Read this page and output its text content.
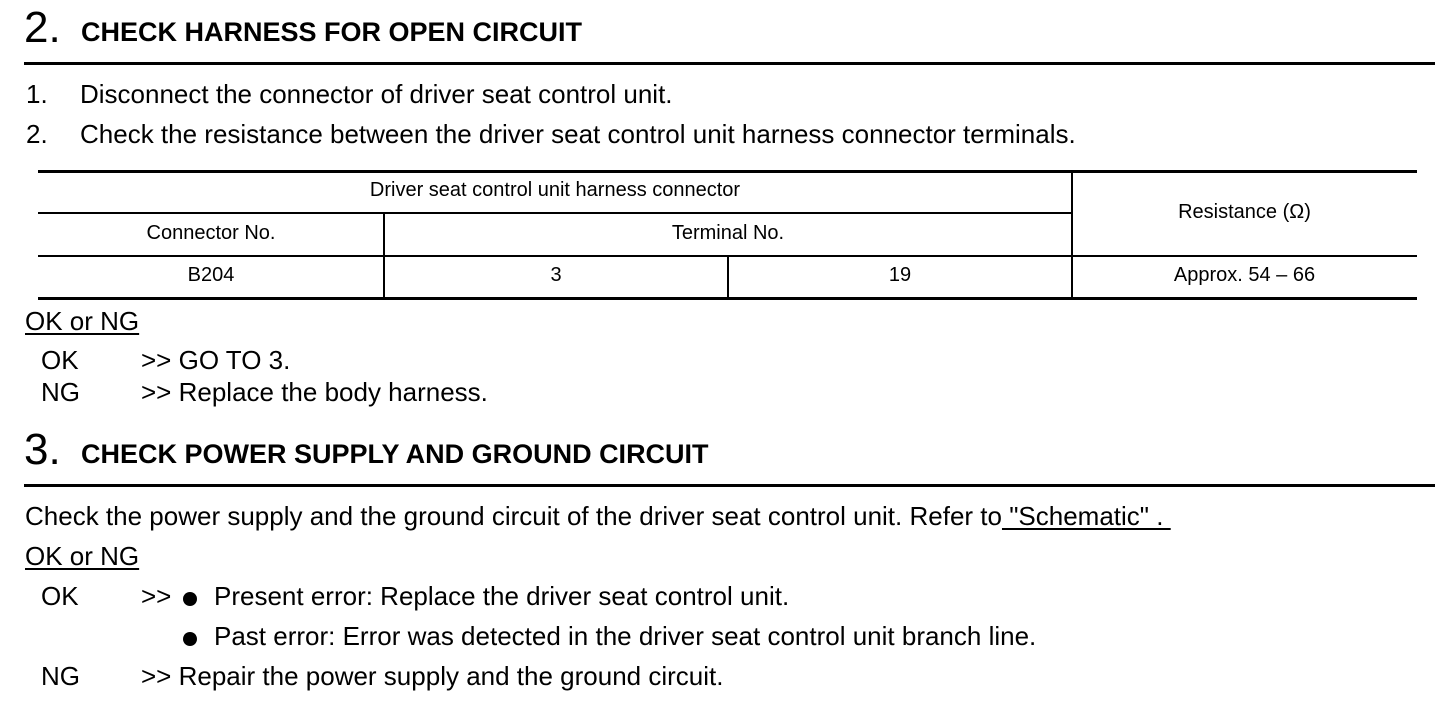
2. CHECK HARNESS FOR OPEN CIRCUIT
1. Disconnect the connector of driver seat control unit.
2. Check the resistance between the driver seat control unit harness connector terminals.
Driver seat control unit harness connector
Resistance (Ω)
Connector No.	Terminal No.
B204	3	19	Approx. 54 – 66
OK or NG
OK >> GO TO 3.
NG >> Replace the body harness.
3. CHECK POWER SUPPLY AND GROUND CIRCUIT
Check the power supply and the ground circuit of the driver seat control unit. Refer to "Schematic" .
OK or NG
OK >> Present error: Replace the driver seat control unit.
Past error: Error was detected in the driver seat control unit branch line.
NG >> Repair the power supply and the ground circuit.
